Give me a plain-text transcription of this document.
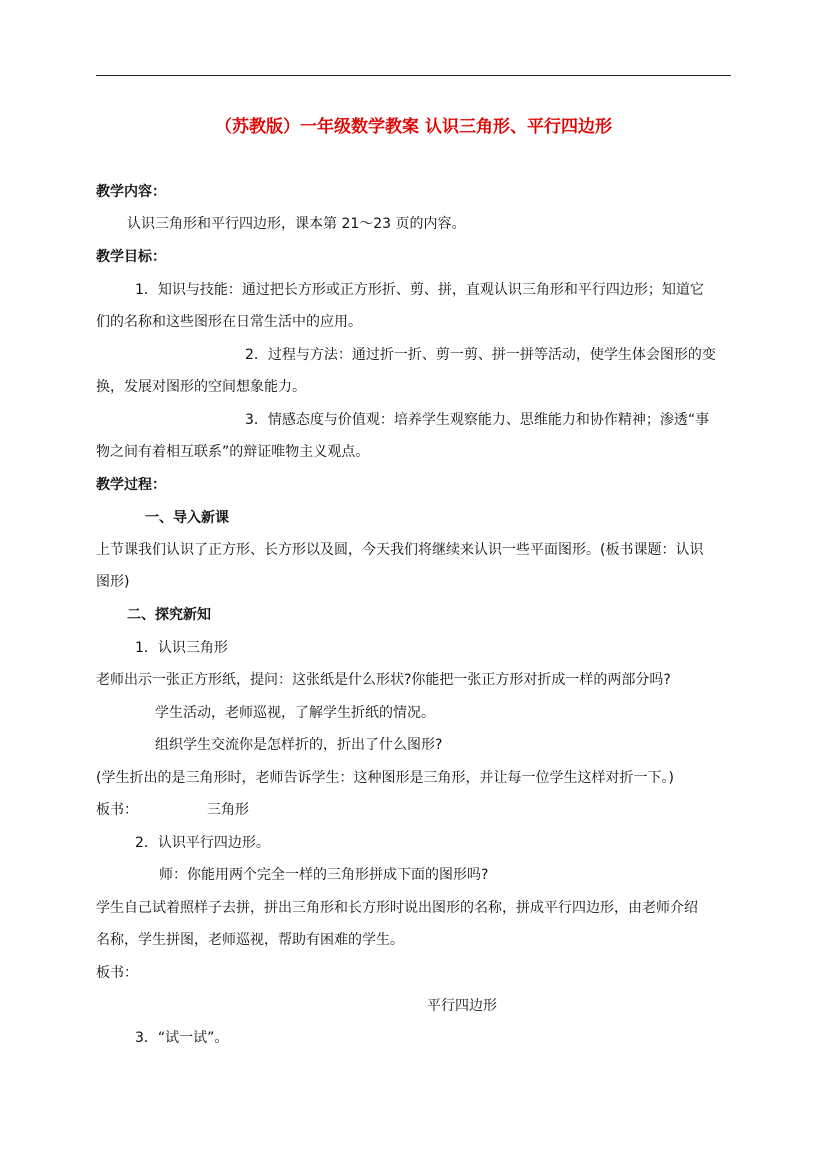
（苏教版）一年级数学教案 认识三角形、平行四边形
教学内容：
认识三角形和平行四边形，课本第 21～23 页的内容。
教学目标：
1．知识与技能：通过把长方形或正方形折、剪、拼，直观认识三角形和平行四边形；知道它
们的名称和这些图形在日常生活中的应用。
2．过程与方法：通过折一折、剪一剪、拼一拼等活动，使学生体会图形的变
换，发展对图形的空间想象能力。
3．情感态度与价值观：培养学生观察能力、思维能力和协作精神；渗透“事
物之间有着相互联系”的辩证唯物主义观点。
教学过程：
一、导入新课
上节课我们认识了正方形、长方形以及圆，今天我们将继续来认识一些平面图形。(板书课题：认识
图形)
二、探究新知
1．认识三角形
老师出示一张正方形纸，提问：这张纸是什么形状?你能把一张正方形对折成一样的两部分吗?
学生活动，老师巡视，了解学生折纸的情况。
组织学生交流你是怎样折的，折出了什么图形?
(学生折出的是三角形时，老师告诉学生：这种图形是三角形，并让每一位学生这样对折一下。)
板书：	三角形
2．认识平行四边形。
师：你能用两个完全一样的三角形拼成下面的图形吗?
学生自己试着照样子去拼，拼出三角形和长方形时说出图形的名称，拼成平行四边形，由老师介绍
名称，学生拼图，老师巡视，帮助有困难的学生。
板书：
平行四边形
3．“试一试”。
